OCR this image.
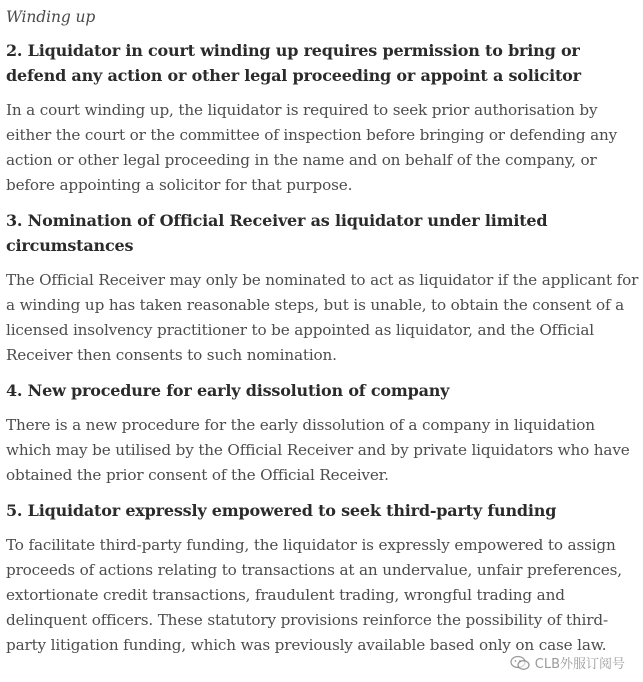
Winding up
2. Liquidator in court winding up requires permission to bring or defend any action or other legal proceeding or appoint a solicitor

In a court winding up, the liquidator is required to seek prior authorisation by either the court or the committee of inspection before bringing or defending any action or other legal proceeding in the name and on behalf of the company, or before appointing a solicitor for that purpose.

3. Nomination of Official Receiver as liquidator under limited circumstances

The Official Receiver may only be nominated to act as liquidator if the applicant for a winding up has taken reasonable steps, but is unable, to obtain the consent of a licensed insolvency practitioner to be appointed as liquidator, and the Official Receiver then consents to such nomination.

4. New procedure for early dissolution of company

There is a new procedure for the early dissolution of a company in liquidation which may be utilised by the Official Receiver and by private liquidators who have obtained the prior consent of the Official Receiver.

5. Liquidator expressly empowered to seek third-party funding

To facilitate third-party funding, the liquidator is expressly empowered to assign proceeds of actions relating to transactions at an undervalue, unfair preferences, extortionate credit transactions, fraudulent trading, wrongful trading and delinquent officers. These statutory provisions reinforce the possibility of third-party litigation funding, which was previously available based only on case law.

CLB外服订阅号
